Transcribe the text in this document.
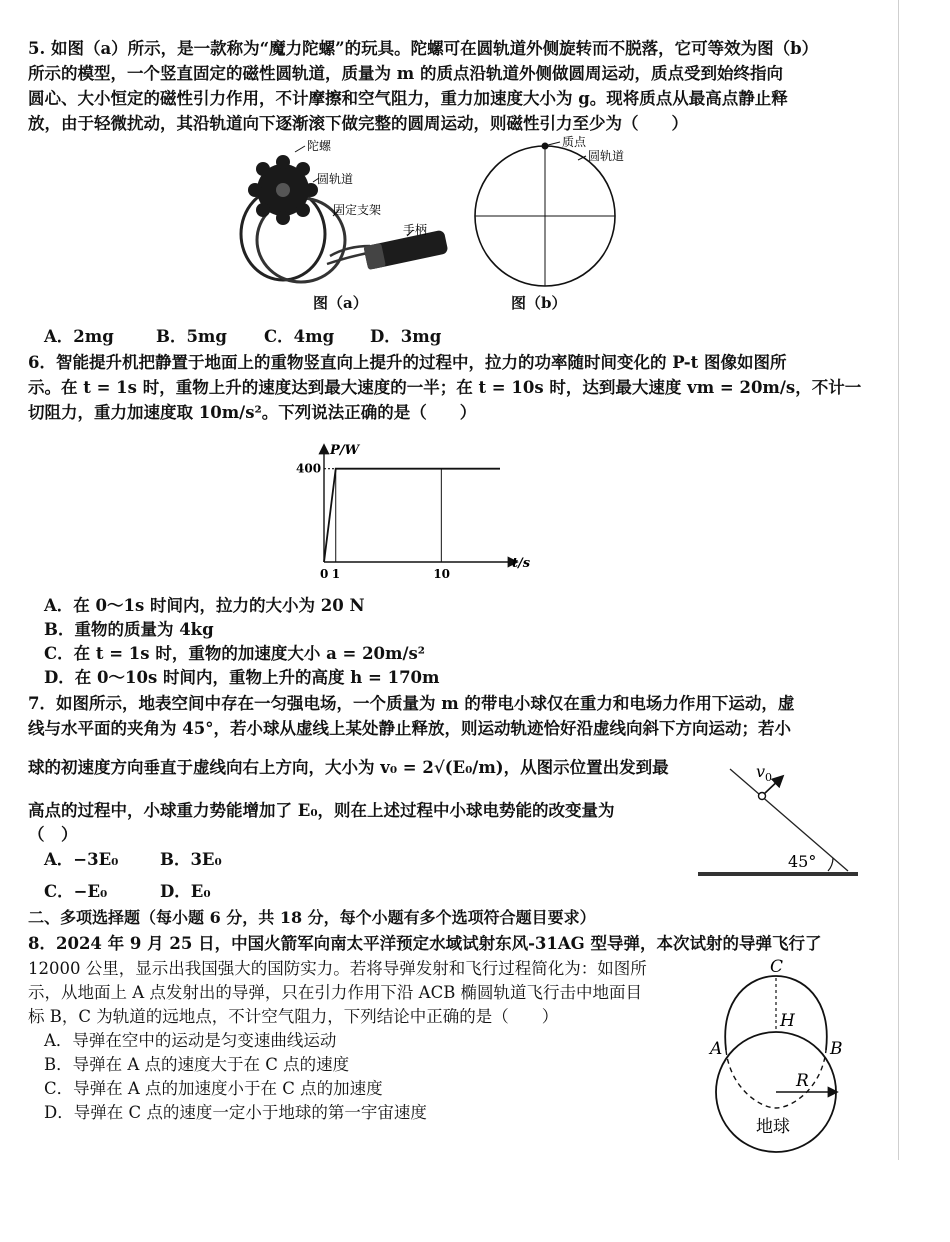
5. 如图（a）所示，是一款称为“魔力陀螺”的玩具。陀螺可在圆轨道外侧旋转而不脱落，它可等效为图（b）

所示的模型，一个竖直固定的磁性圆轨道，质量为 m 的质点沿轨道外侧做圆周运动，质点受到始终指向

圆心、大小恒定的磁性引力作用，不计摩擦和空气阻力，重力加速度大小为 g。现将质点从最高点静止释

放，由于轻微扰动，其沿轨道向下逐渐滚下做完整的圆周运动，则磁性引力至少为（　　）

陀螺
圆轨道
固定支架
手柄

图（a）

质点
圆轨道

图（b）

A．2mg	B．5mg C．4mg D．3mg

6．智能提升机把静置于地面上的重物竖直向上提升的过程中，拉力的功率随时间变化的 P-t 图像如图所

示。在 t = 1s 时，重物上升的速度达到最大速度的一半；在 t = 10s 时，达到最大速度 vm = 20m/s，不计一

切阻力，重力加速度取 10m/s²。下列说法正确的是（　　）

P/W
t/s
0 1	10
400
A．在 0～1s 时间内，拉力的大小为 20 N
B．重物的质量为 4kg
C．在 t = 1s 时，重物的加速度大小 a = 20m/s²
D．在 0～10s 时间内，重物上升的高度 h = 170m

7．如图所示，地表空间中存在一匀强电场，一个质量为 m 的带电小球仅在重力和电场力作用下运动，虚

线与水平面的夹角为 45°，若小球从虚线上某处静止释放，则运动轨迹恰好沿虚线向斜下方向运动；若小

球的初速度方向垂直于虚线向右上方向，大小为 v₀ = 2√(E₀/m)，从图示位置出发到最

高点的过程中，小球重力势能增加了 E₀，则在上述过程中小球电势能的改变量为

（　）

$v_0$
45°
A．−3E₀	B．3E₀
C．−E₀	D．E₀

二、多项选择题（每小题 6 分，共 18 分，每个小题有多个选项符合题目要求）

8．2024 年 9 月 25 日，中国火箭军向南太平洋预定水域试射东风-31AG 型导弹，本次试射的导弹飞行了

12000 公里，显示出我国强大的国防实力。若将导弹发射和飞行过程简化为：如图所

示，从地面上 A 点发射出的导弹，只在引力作用下沿 ACB 椭圆轨道飞行击中地面目

标 B，C 为轨道的远地点，不计空气阻力，下列结论中正确的是（　　）

A．导弹在空中的运动是匀变速曲线运动
B．导弹在 A 点的速度大于在 C 点的速度
C．导弹在 A 点的加速度小于在 C 点的加速度
D．导弹在 C 点的速度一定小于地球的第一宇宙速度
C
H
A	B
R
地球
